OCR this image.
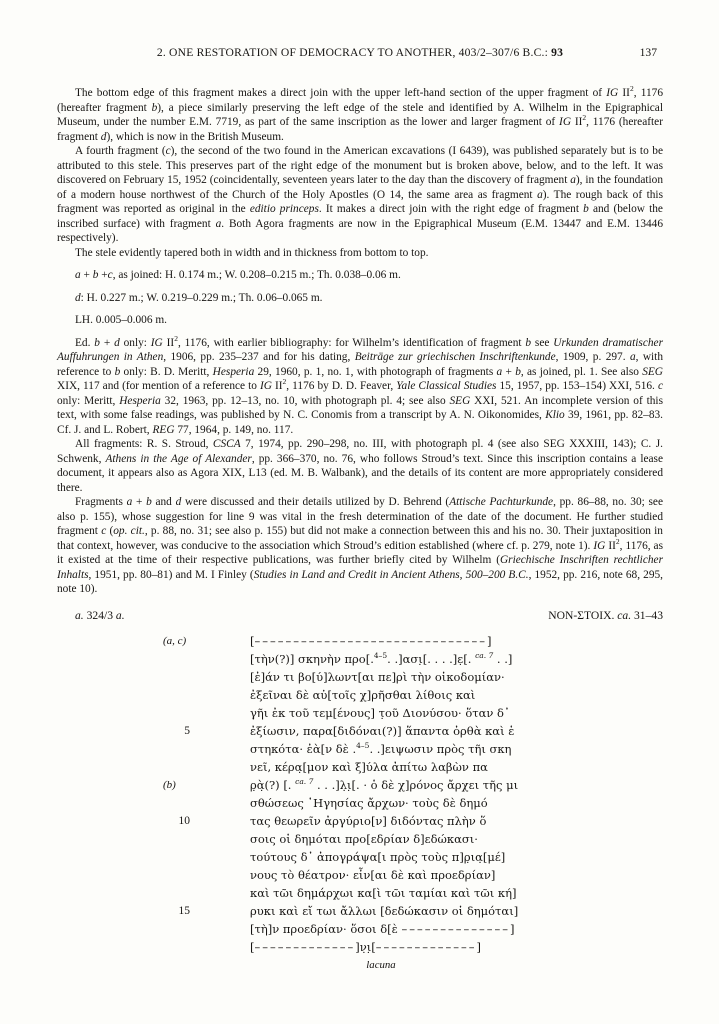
2. ONE RESTORATION OF DEMOCRACY TO ANOTHER, 403/2–307/6 B.C.: 93	137

The bottom edge of this fragment makes a direct join with the upper left-hand section of the upper fragment of IG $II^2$, 1176 (hereafter fragment b), a piece similarly preserving the left edge of the stele and identified by A. Wilhelm in the Epigraphical Museum, under the number E.M. 7719, as part of the same inscription as the lower and larger fragment of IG $II^2$, 1176 (hereafter fragment d), which is now in the British Museum.

A fourth fragment (c), the second of the two found in the American excavations (I 6439), was published separately but is to be attributed to this stele. This preserves part of the right edge of the monument but is broken above, below, and to the left. It was discovered on February 15, 1952 (coincidentally, seventeen years later to the day than the discovery of fragment a), in the foundation of a modern house northwest of the Church of the Holy Apostles (O 14, the same area as fragment a). The rough back of this fragment was reported as original in the editio princeps. It makes a direct join with the right edge of fragment b and (below the inscribed surface) with fragment a. Both Agora fragments are now in the Epigraphical Museum (E.M. 13447 and E.M. 13446 respectively).

The stele evidently tapered both in width and in thickness from bottom to top.

a + b +c, as joined: H. 0.174 m.; W. 0.208–0.215 m.; Th. 0.038–0.06 m.

d: H. 0.227 m.; W. 0.219–0.229 m.; Th. 0.06–0.065 m.

LH. 0.005–0.006 m.

Ed. b + d only: IG $II^2$, 1176, with earlier bibliography: for Wilhelm’s identification of fragment b see Urkunden dramatischer Auffuhrungen in Athen, 1906, pp. 235–237 and for his dating, Beiträge zur griechischen Inschriftenkunde, 1909, p. 297. a, with reference to b only: B. D. Meritt, Hesperia 29, 1960, p. 1, no. 1, with photograph of fragments a + b, as joined, pl. 1. See also SEG XIX, 117 and (for mention of a reference to IG $II^2$, 1176 by D. D. Feaver, Yale Classical Studies 15, 1957, pp. 153–154) XXI, 516. c only: Meritt, Hesperia 32, 1963, pp. 12–13, no. 10, with photograph pl. 4; see also SEG XXI, 521. An incomplete version of this text, with some false readings, was published by N. C. Conomis from a transcript by A. N. Oikonomides, Klio 39, 1961, pp. 82–83. Cf. J. and L. Robert, REG 77, 1964, p. 149, no. 117.

All fragments: R. S. Stroud, CSCA 7, 1974, pp. 290–298, no. III, with photograph pl. 4 (see also SEG XXXIII, 143); C. J. Schwenk, Athens in the Age of Alexander, pp. 366–370, no. 76, who follows Stroud’s text. Since this inscription contains a lease document, it appears also as Agora XIX, L13 (ed. M. B. Walbank), and the details of its content are more appropriately considered there.

Fragments a + b and d were discussed and their details utilized by D. Behrend (Attische Pachturkunde, pp. 86–88, no. 30; see also p. 155), whose suggestion for line 9 was vital in the fresh determination of the date of the document. He further studied fragment c (op. cit., p. 88, no. 31; see also p. 155) but did not make a connection between this and his no. 30. Their juxtaposition in that context, however, was conducive to the association which Stroud’s edition established (where cf. p. 279, note 1). IG $II^2$, 1176, as it existed at the time of their respective publications, was further briefly cited by Wilhelm (Griechische Inschriften rechtlicher Inhalts, 1951, pp. 80–81) and M. I Finley (Studies in Land and Credit in Ancient Athens, 500–200 B.C., 1952, pp. 216, note 68, 295, note 10).

a. 324/3 a.	NON-ΣΤΟΙΧ. ca. 31–43
(a, c)	[––––––––––––––––––––––––––––––]
[τὴν(?)] σκηνὴν προ[.$^{4-5}$. .]ασι̣[. . . .]ε̣[. $^{ca. 7}$ . .]
[ἐ]άν τι βο[ύ]λωντ[αι πε]ρὶ τὴν οἰκοδομίαν·
ἐξεῖναι δὲ αὐ[τοῖς χ]ρῆσθαι λίθοις καὶ
γῆι ἐκ τοῦ τεμ[ένους] τ̣οῦ Διονύσου· ὅταν δ᾽
5	ἐξίωσιν, παρα[διδόναι(?)] ἅπαντα ὀρθὰ καὶ ἑ
στηκότα· ἐὰ[ν δὲ .$^{4-5}$. .]ειψωσιν πρὸς τῆι σκη
νεῖ, κέρα̣[μον καὶ ξ]ύλα ἀπίτω λαβὼν πα
(b)	ρ̣ὰ̣(?) [. $^{ca. 7}$ . . .]λ̣ι̣[. · ὁ δὲ χ]ρόνος ἄρχει τῆς μι
σθώσεως ῾Ηγησίας ἄρχων· τοὺς δὲ δημό
10	τας θεωρεῖν ἀργύριο[ν] διδόντας πλὴν ὅ
σοις οἱ δημόται προ[εδρίαν δ]εδώκασι·
τούτους δ᾽ ἀπογράψα[ι πρὸς τοὺς π]ρ̣ια̣[μέ]
νους τὸ θέατρον· εἶν[αι δὲ καὶ προεδρίαν]
καὶ τῶι δημάρχωι κα[ὶ τῶι ταμίαι καὶ τῶι κή]
15	ρυκι καὶ εἴ τωι ἄλλωι [δεδώκασιν οἱ δημόται]
[τὴ]ν προεδρίαν· ὅσοι δ[ὲ ––––––––––––––]
[–––––––––––––]ν̣ι̣[–––––––––––––]
lacuna
